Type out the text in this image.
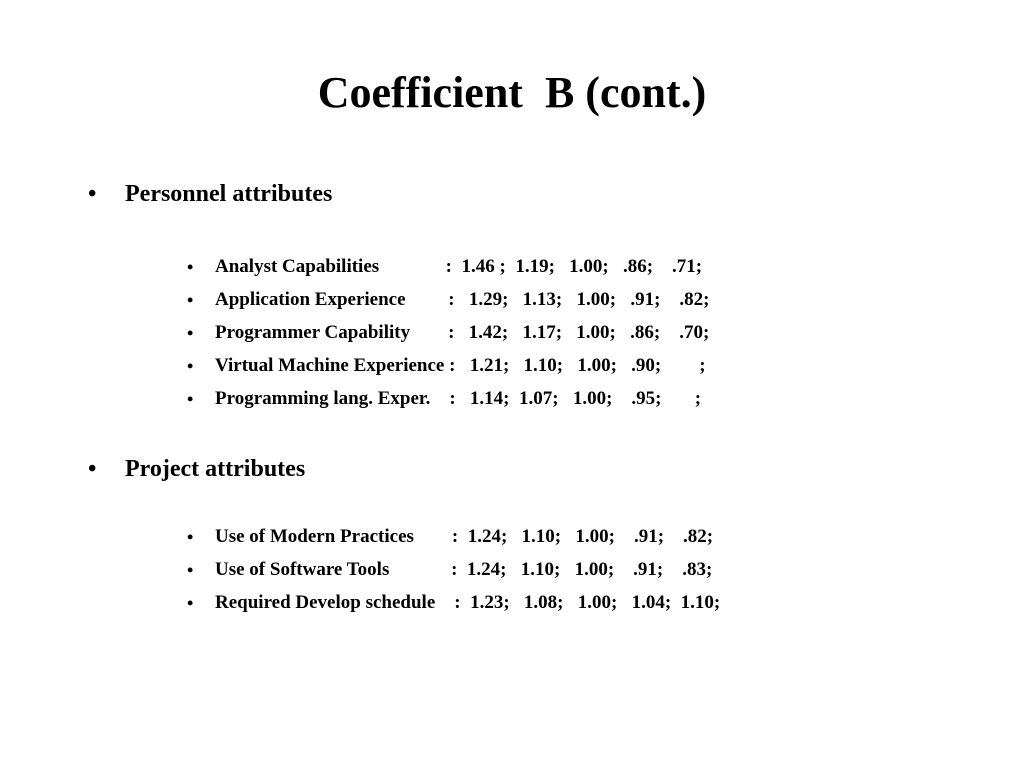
Coefficient  B (cont.)
• Personnel attributes
• Analyst Capabilities              :  1.46 ;  1.19;   1.00;   .86;    .71;
• Application Experience         :   1.29;   1.13;   1.00;   .91;    .82;
• Programmer Capability        :   1.42;   1.17;   1.00;   .86;    .70;
• Virtual Machine Experience :   1.21;   1.10;   1.00;   .90;        ;
• Programming lang. Exper.    :   1.14;  1.07;   1.00;    .95;       ;
• Project attributes
• Use of Modern Practices        :  1.24;   1.10;   1.00;    .91;    .82;
• Use of Software Tools             :  1.24;   1.10;   1.00;    .91;    .83;
• Required Develop schedule    :  1.23;   1.08;   1.00;   1.04;  1.10;
